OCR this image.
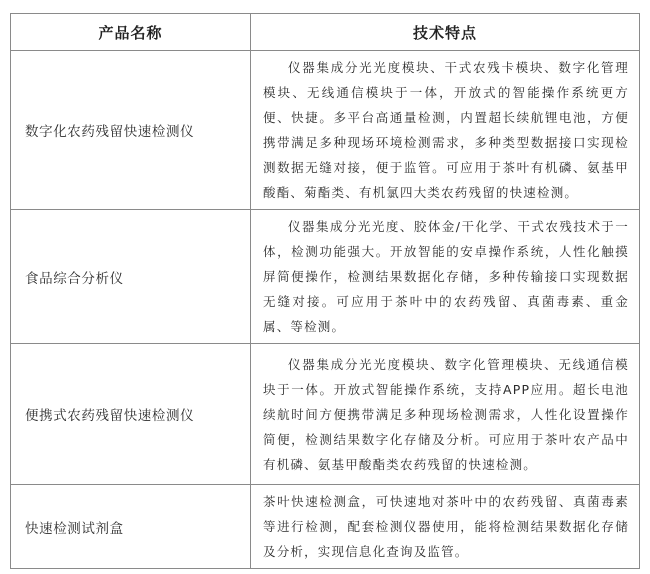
产品名称	技术特点
数字化农药残留快速检测仪	仪器集成分光光度模块、干式农残卡模块、数字化管理模块、无线通信模块于一体，开放式的智能操作系统更方便、快捷。多平台高通量检测，内置超长续航锂电池，方便携带满足多种现场环境检测需求，多种类型数据接口实现检测数据无缝对接，便于监管。可应用于茶叶有机磷、氨基甲酸酯、菊酯类、有机氯四大类农药残留的快速检测。

食品综合分析仪	仪器集成分光光度、胶体金/干化学、干式农残技术于一体，检测功能强大。开放智能的安卓操作系统，人性化触摸屏简便操作，检测结果数据化存储，多种传输接口实现数据无缝对接。可应用于茶叶中的农药残留、真菌毒素、重金属、等检测。

便携式农药残留快速检测仪	仪器集成分光光度模块、数字化管理模块、无线通信模块于一体。开放式智能操作系统，支持APP应用。超长电池续航时间方便携带满足多种现场检测需求，人性化设置操作简便，检测结果数字化存储及分析。可应用于茶叶农产品中有机磷、氨基甲酸酯类农药残留的快速检测。

快速检测试剂盒	茶叶快速检测盒，可快速地对茶叶中的农药残留、真菌毒素等进行检测，配套检测仪器使用，能将检测结果数据化存储及分析，实现信息化查询及监管。
